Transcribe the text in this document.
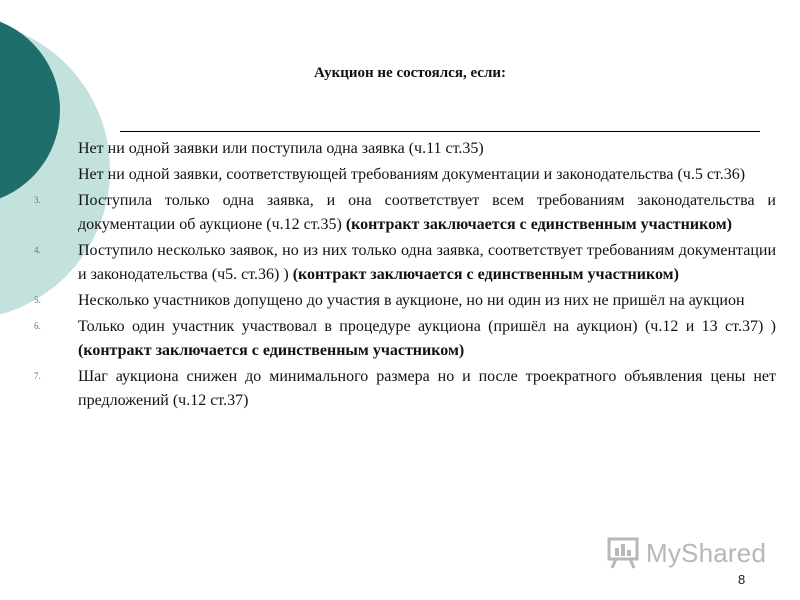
Аукцион не состоялся, если:
Нет ни одной заявки или поступила одна заявка (ч.11 ст.35)
Нет ни одной заявки, соответствующей требованиям документации и законодательства (ч.5 ст.36)
3.	Поступила только одна заявка, и она соответствует всем требованиям законодательства и документации об аукционе (ч.12 ст.35) (контракт заключается с единственным участником)
4.	Поступило несколько заявок, но из них только одна заявка, соответствует требованиям документации и законодательства (ч5. ст.36) ) (контракт заключается с единственным участником)
5.	Несколько участников допущено до участия в аукционе, но ни один из них не пришёл на аукцион
6.	Только один участник участвовал в процедуре аукциона (пришёл на аукцион) (ч.12 и 13 ст.37) ) (контракт заключается с единственным участником)
7.	Шаг аукциона снижен до минимального размера но и после троекратного объявления цены нет предложений (ч.12 ст.37)
MyShared
8
